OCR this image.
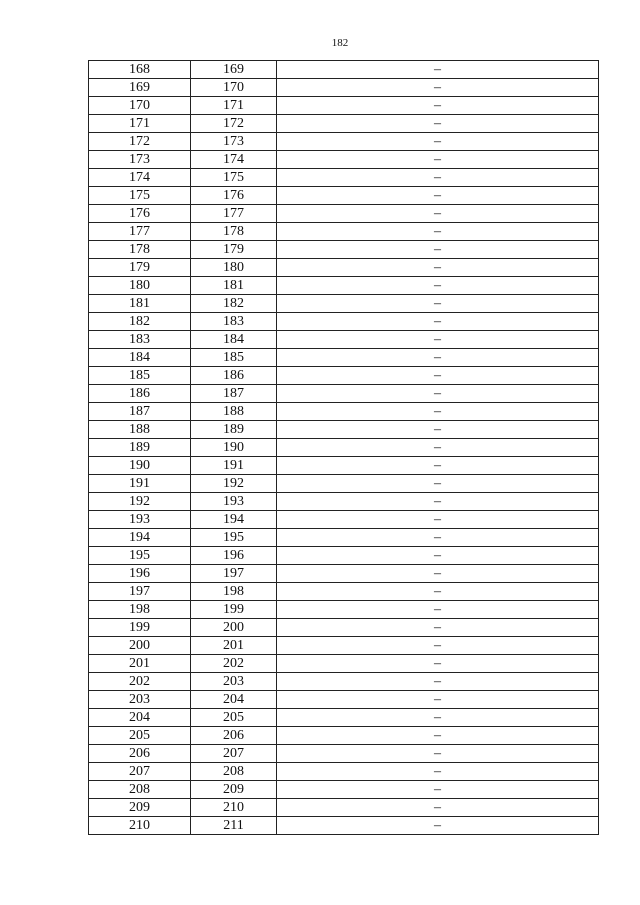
182
168	169	–
169	170	–
170	171	–
171	172	–
172	173	–
173	174	–
174	175	–
175	176	–
176	177	–
177	178	–
178	179	–
179	180	–
180	181	–
181	182	–
182	183	–
183	184	–
184	185	–
185	186	–
186	187	–
187	188	–
188	189	–
189	190	–
190	191	–
191	192	–
192	193	–
193	194	–
194	195	–
195	196	–
196	197	–
197	198	–
198	199	–
199	200	–
200	201	–
201	202	–
202	203	–
203	204	–
204	205	–
205	206	–
206	207	–
207	208	–
208	209	–
209	210	–
210	211	–
